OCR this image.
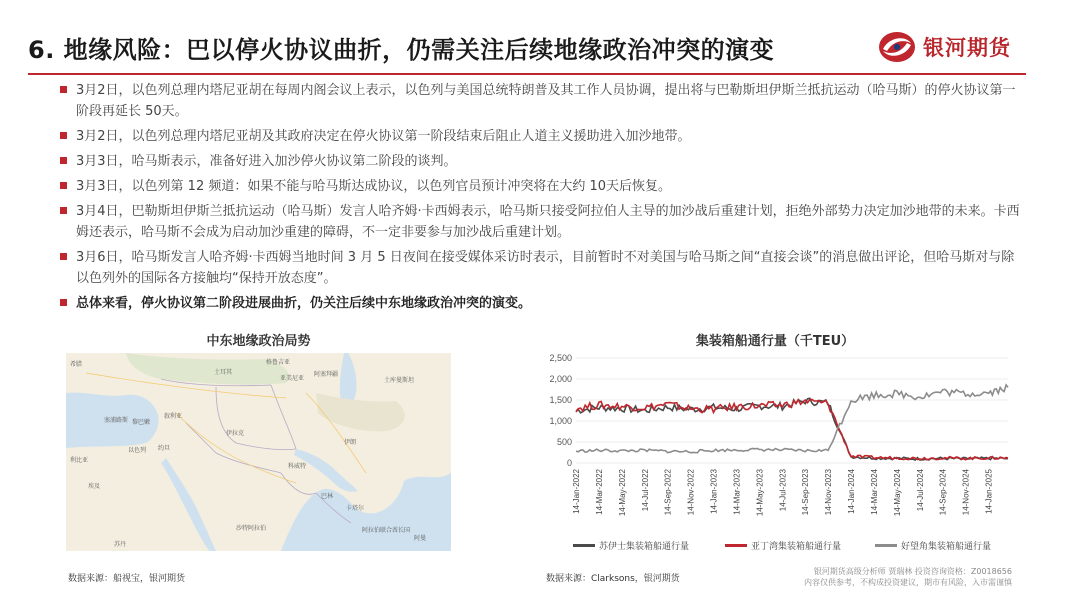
6. 地缘风险：巴以停火协议曲折，仍需关注后续地缘政治冲突的演变	银河期货
3月2日，以色列总理内塔尼亚胡在每周内阁会议上表示，以色列与美国总统特朗普及其工作人员协调，提出将与巴勒斯坦伊斯兰抵抗运动（哈马斯）的停火协议第一阶段再延长 50天。
3月2日，以色列总理内塔尼亚胡及其政府决定在停火协议第一阶段结束后阻止人道主义援助进入加沙地带。
3月3日，哈马斯表示，准备好进入加沙停火协议第二阶段的谈判。
3月3日，以色列第 12 频道：如果不能与哈马斯达成协议，以色列官员预计冲突将在大约 10天后恢复。
3月4日，巴勒斯坦伊斯兰抵抗运动（哈马斯）发言人哈齐姆·卡西姆表示，哈马斯只接受阿拉伯人主导的加沙战后重建计划，拒绝外部势力决定加沙地带的未来。卡西姆还表示，哈马斯不会成为启动加沙重建的障碍，不一定非要参与加沙战后重建计划。
3月6日，哈马斯发言人哈齐姆·卡西姆当地时间 3 月 5 日夜间在接受媒体采访时表示，目前暂时不对美国与哈马斯之间“直接会谈”的消息做出评论，但哈马斯对与除以色列外的国际各方接触均“保持开放态度”。
总体来看，停火协议第二阶段进展曲折，仍关注后续中东地缘政治冲突的演变。
中东地缘政治局势
土耳其
叙利亚
伊拉克
伊朗
约旦
埃及
沙特阿拉伯
科威特
卡塔尔
巴林
以色列
黎巴嫩
塞浦路斯
希腊	格鲁吉亚
亚美尼亚
阿塞拜疆
土库曼斯坦
阿拉伯联合酋长国
阿曼
利比亚
苏丹
集装箱船通行量（千TEU）
0
500
1,000
1,500
2,000
2,500
14-Jan-2022 14-Mar-2022 14-May-2022 14-Jul-2022 14-Sep-2022 14-Nov-2022 14-Jan-2023 14-Mar-2023 14-May-2023 14-Jul-2023 14-Sep-2023 14-Nov-2023 14-Jan-2024 14-Mar-2024 14-May-2024 14-Jul-2024 14-Sep-2024 14-Nov-2024 14-Jan-2025
苏伊士集装箱船通行量	亚丁湾集装箱船通行量	好望角集装箱船通行量
数据来源：船视宝，银河期货	数据来源：Clarksons，银河期货
银河期货高级分析师 贾瑞林 投资咨询资格：Z0018656
内容仅供参考，不构成投资建议，期市有风险，入市需谨慎
